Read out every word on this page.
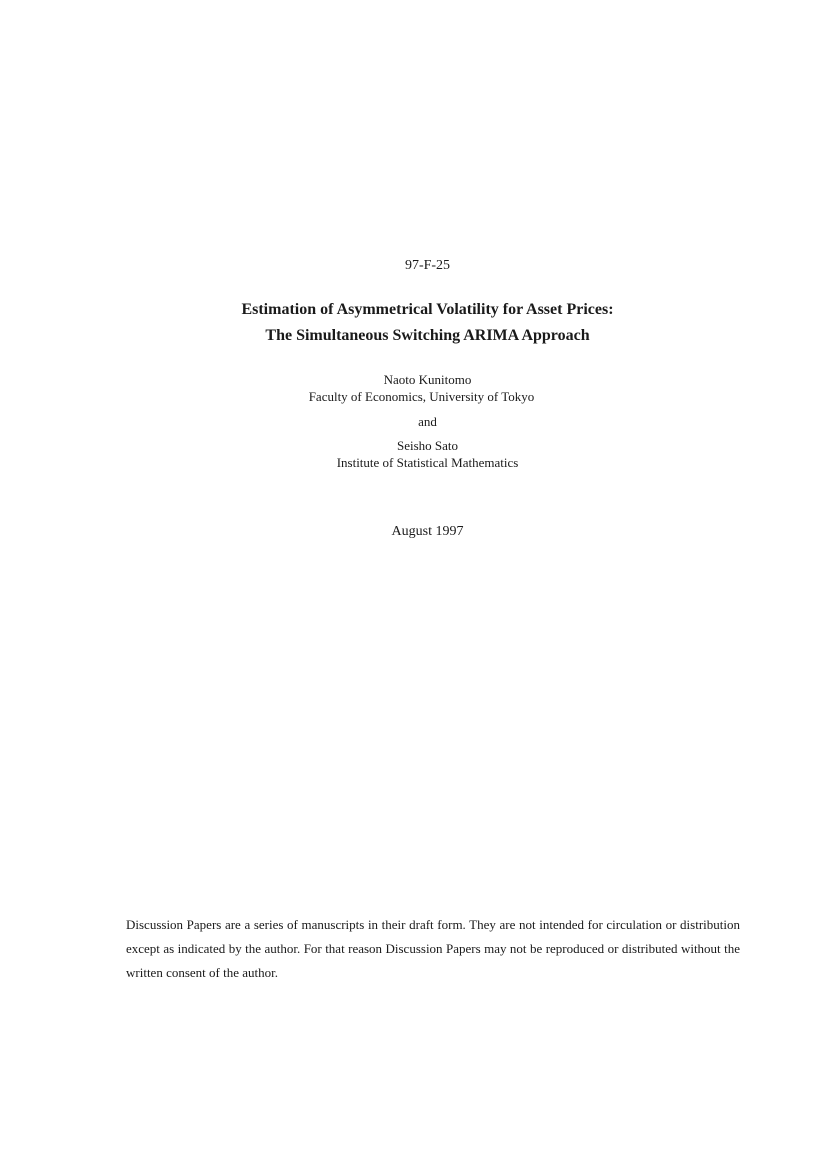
97-F-25
Estimation of Asymmetrical Volatility for Asset Prices:
The Simultaneous Switching ARIMA Approach
Naoto Kunitomo
Faculty of Economics, University of Tokyo
and
Seisho Sato
Institute of Statistical Mathematics
August 1997
Discussion Papers are a series of manuscripts in their draft form. They are not intended for circulation or distribution except as indicated by the author. For that reason Discussion Papers may not be reproduced or distributed without the written consent of the author.
